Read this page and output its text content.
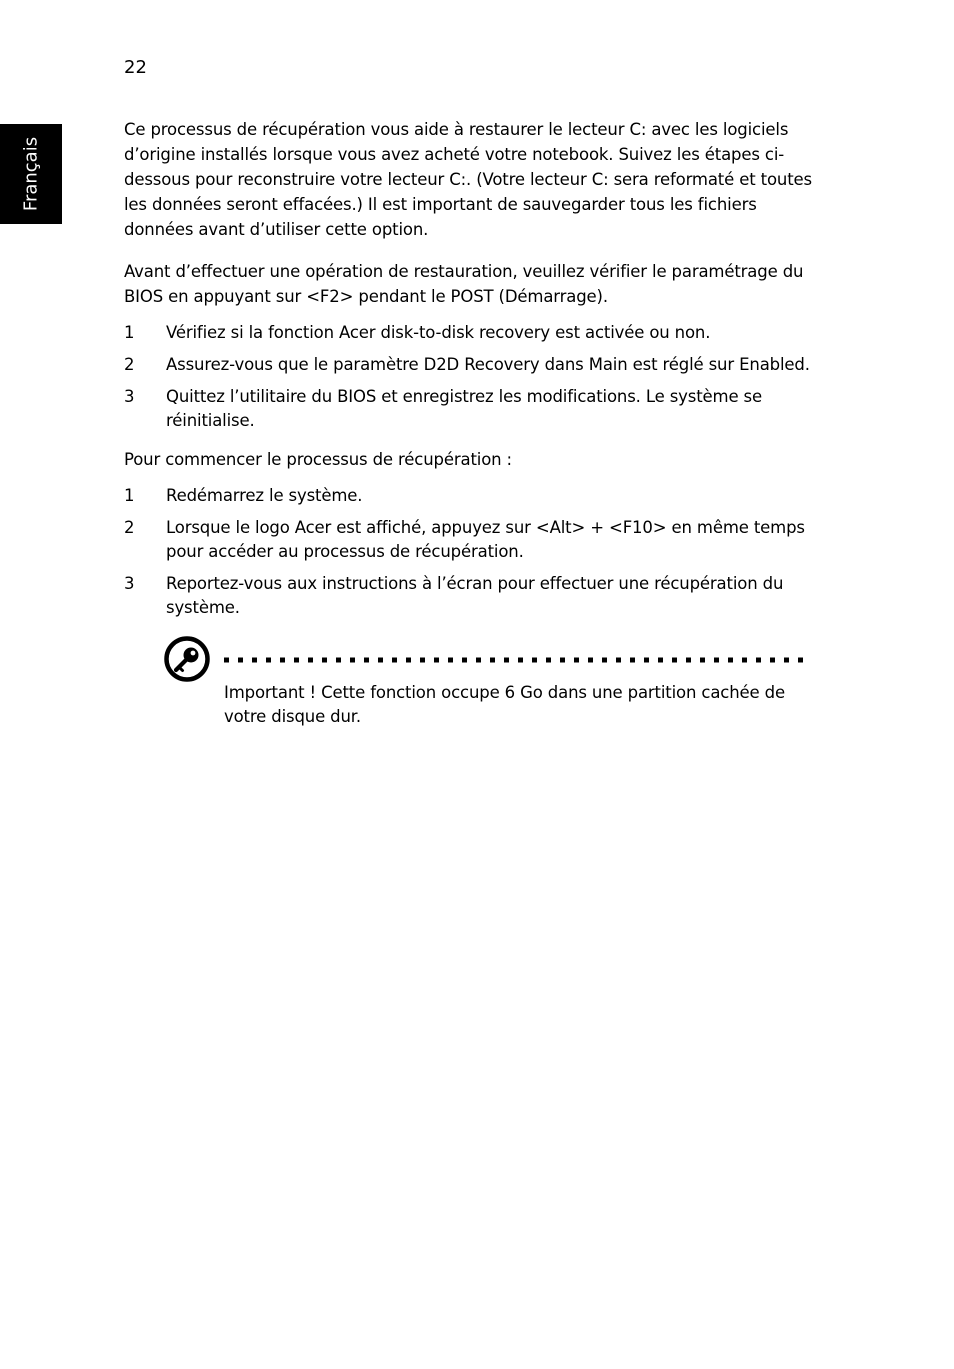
22
Français

Ce processus de récupération vous aide à restaurer le lecteur C: avec les logiciels d’origine installés lorsque vous avez acheté votre notebook. Suivez les étapes ci-dessous pour reconstruire votre lecteur C:. (Votre lecteur C: sera reformaté et toutes les données seront effacées.) Il est important de sauvegarder tous les fichiers données avant d’utiliser cette option.

Avant d’effectuer une opération de restauration, veuillez vérifier le paramétrage du BIOS en appuyant sur <F2> pendant le POST (Démarrage).

1 Vérifiez si la fonction Acer disk-to-disk recovery est activée ou non.
2 Assurez-vous que le paramètre D2D Recovery dans Main est réglé sur Enabled.
3 Quittez l’utilitaire du BIOS et enregistrez les modifications. Le système se réinitialise.

Pour commencer le processus de récupération :

1 Redémarrez le système.
2 Lorsque le logo Acer est affiché, appuyez sur <Alt> + <F10> en même temps pour accéder au processus de récupération.
3 Reportez-vous aux instructions à l’écran pour effectuer une récupération du système.
Important ! Cette fonction occupe 6 Go dans une partition cachée de votre disque dur.
